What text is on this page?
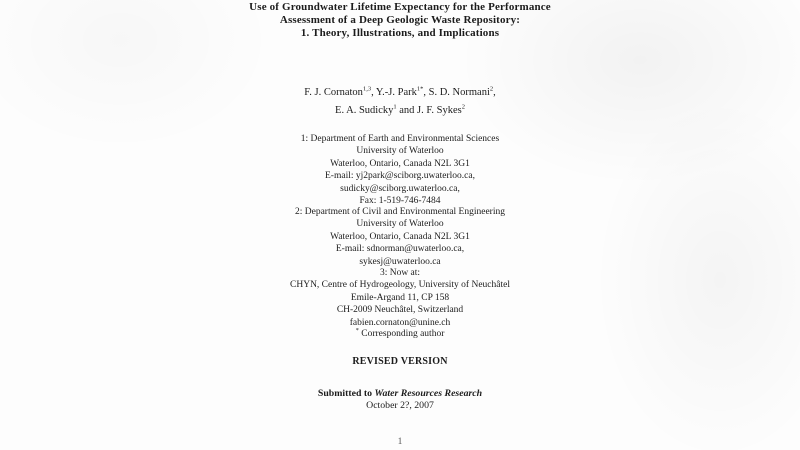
Use of Groundwater Lifetime Expectancy for the Performance
Assessment of a Deep Geologic Waste Repository:
1. Theory, Illustrations, and Implications
F. J. Cornaton$^{1,3}$, Y.-J. Park$^{1*}$, S. D. Normani$^2$,
E. A. Sudicky$^1$ and J. F. Sykes$^2$
1: Department of Earth and Environmental Sciences
University of Waterloo
Waterloo, Ontario, Canada N2L 3G1
E-mail: yj2park@sciborg.uwaterloo.ca,
sudicky@sciborg.uwaterloo.ca,
Fax: 1-519-746-7484
2: Department of Civil and Environmental Engineering
University of Waterloo
Waterloo, Ontario, Canada N2L 3G1
E-mail: sdnorman@uwaterloo.ca,
sykesj@uwaterloo.ca
3: Now at:
CHYN, Centre of Hydrogeology, University of Neuchâtel
Emile-Argand 11, CP 158
CH-2009 Neuchâtel, Switzerland
fabien.cornaton@unine.ch
* Corresponding author
REVISED VERSION
Submitted to Water Resources Research
October 2?, 2007
1
